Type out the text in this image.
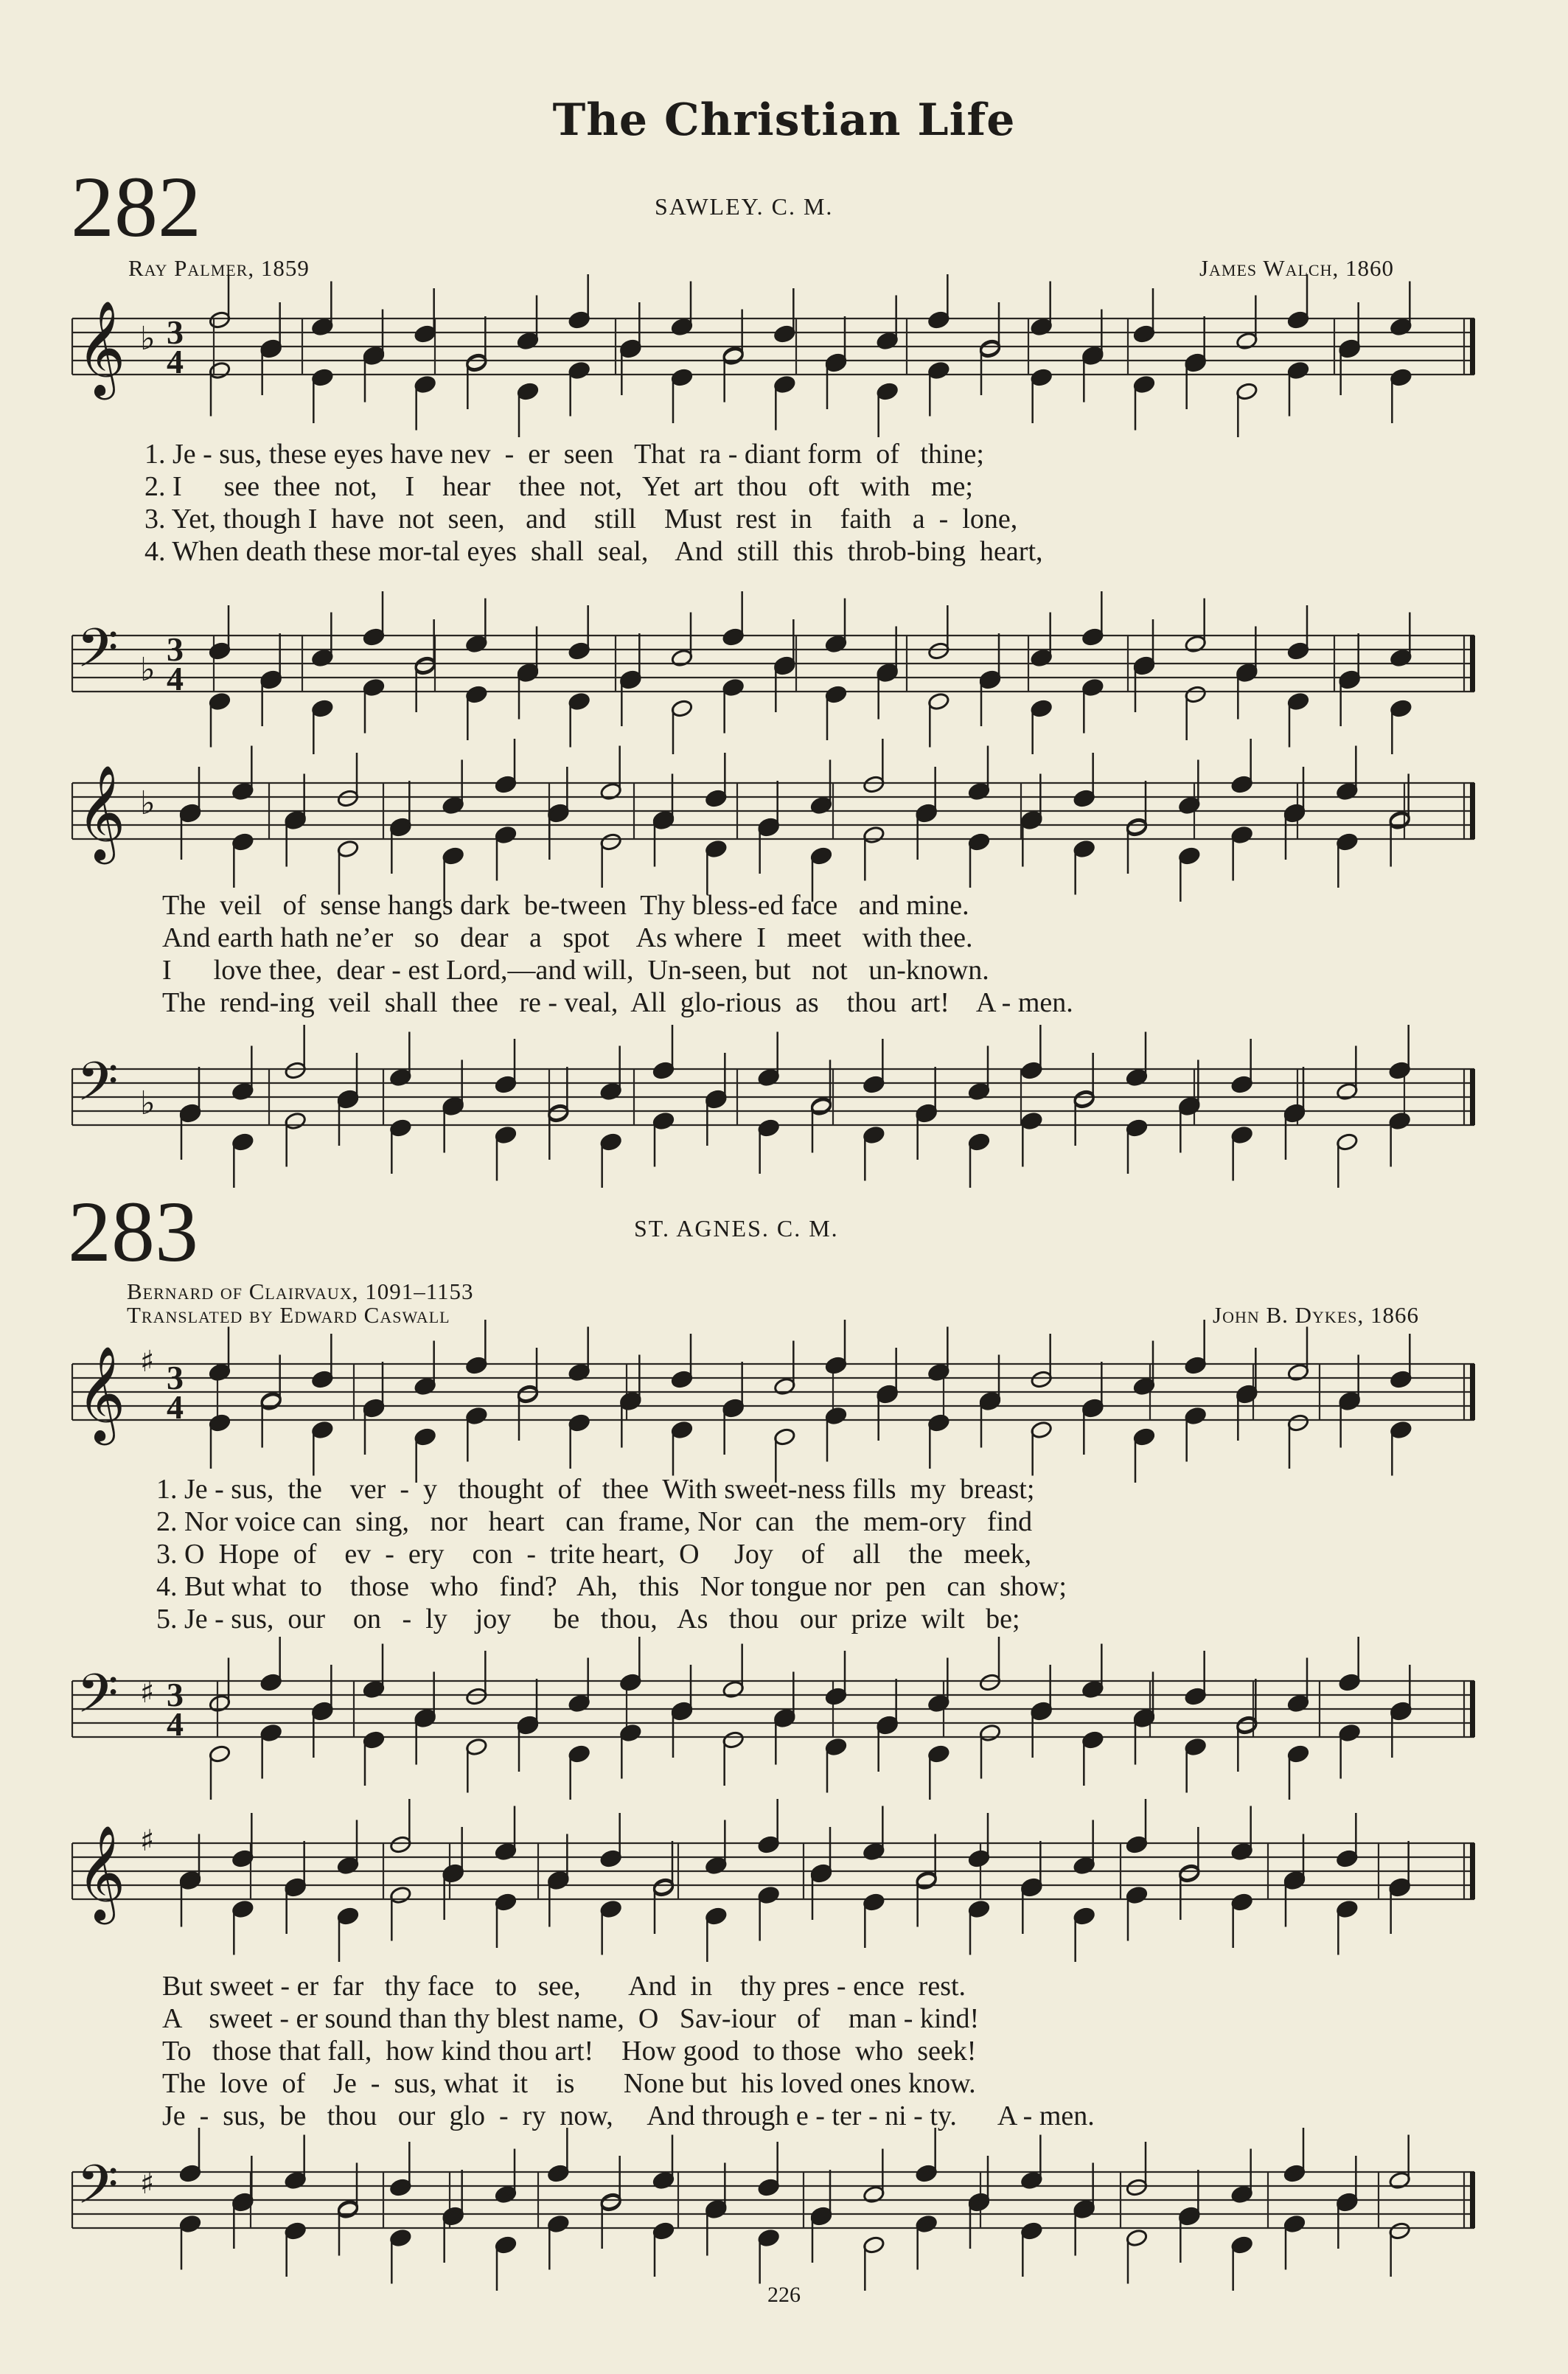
The Christian Life
282	SAWLEY. C. M.
Ray Palmer, 1859	James Walch, 1860
𝄞 ♭ 3
4
𝄢 ♭
3
4
𝄞 ♭
𝄢 ♭
𝄞 ♯ 3
4
𝄢 ♯ 3
4
𝄞 ♯
𝄢 ♯
1. Je - sus, these eyes have nev  -  er  seen   That  ra - diant form  of   thine;
2. I      see  thee  not,    I    hear    thee  not,   Yet  art  thou   oft   with   me;
3. Yet, though I  have  not  seen,   and    still    Must  rest  in    faith   a  -  lone,
4. When death these mor-tal eyes  shall  seal,    And  still  this  throb-bing  heart,
The  veil   of  sense hangs dark  be-tween  Thy bless-ed face   and mine.
And earth hath ne’er   so   dear   a   spot    As where  I   meet   with thee.
I      love thee,  dear - est Lord,—and will,  Un-seen, but   not   un-known.
The  rend-ing  veil  shall  thee   re - veal,  All  glo-rious  as    thou  art!    A - men.
283	ST. AGNES. C. M.
Bernard of Clairvaux, 1091–1153
Translated by Edward Caswall	John B. Dykes, 1866
1. Je - sus,  the    ver  -  y   thought  of   thee  With sweet-ness fills  my  breast;
2. Nor voice can  sing,   nor   heart   can  frame, Nor  can   the  mem-ory   find
3. O  Hope  of    ev  -  ery    con  -  trite heart,  O     Joy    of    all    the   meek,
4. But what  to    those   who   find?   Ah,   this   Nor tongue nor  pen   can  show;
5. Je - sus,  our    on   -  ly    joy      be   thou,   As   thou   our  prize  wilt   be;
But sweet - er  far   thy face   to   see,       And  in    thy pres - ence  rest.
A    sweet - er sound than thy blest name,  O   Sav-iour   of    man - kind!
To   those that fall,  how kind thou art!    How good  to those  who  seek!
The  love  of    Je  -  sus, what  it    is       None but  his loved ones know.
Je  -  sus,  be   thou   our  glo  -  ry  now,     And through e - ter - ni - ty.      A - men.
226
